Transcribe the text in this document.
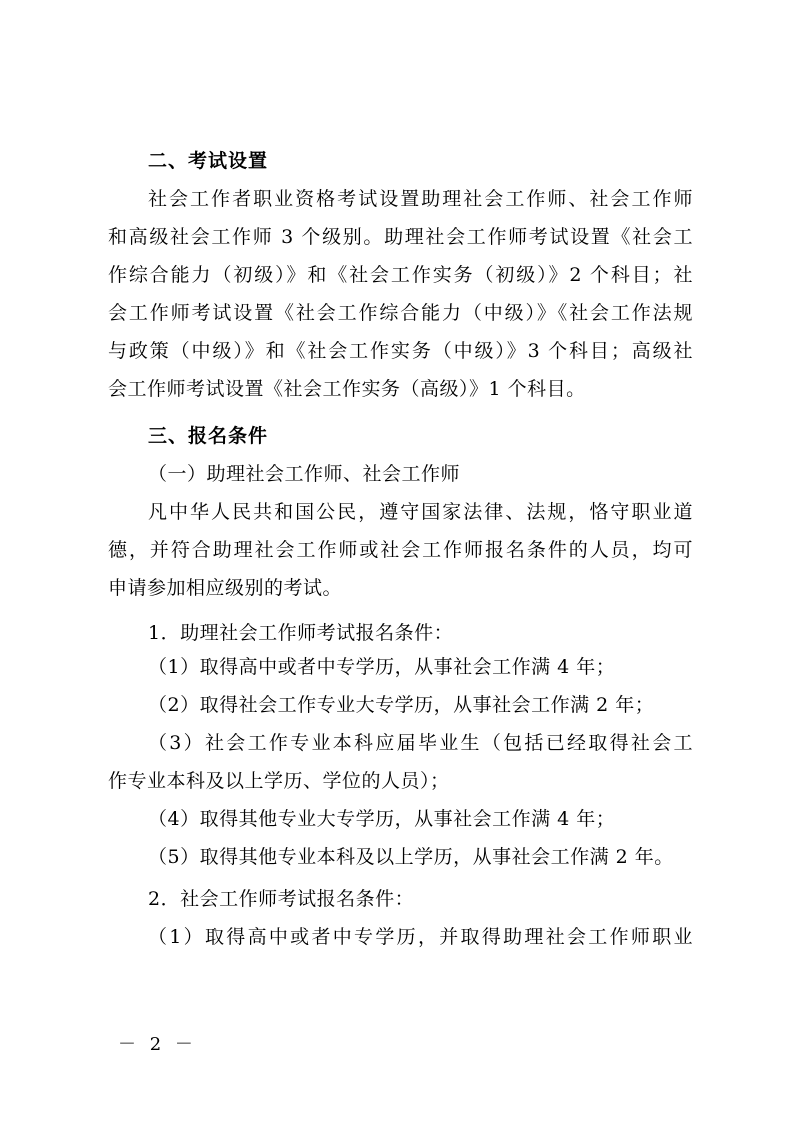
二、考试设置
社会工作者职业资格考试设置助理社会工作师、社会工作师
和高级社会工作师 3 个级别。助理社会工作师考试设置《社会工
作综合能力（初级）》和《社会工作实务（初级）》2 个科目；社
会工作师考试设置《社会工作综合能力（中级）》《社会工作法规
与政策（中级）》和《社会工作实务（中级）》3 个科目；高级社
会工作师考试设置《社会工作实务（高级）》1 个科目。
三、报名条件
（一）助理社会工作师、社会工作师
凡中华人民共和国公民，遵守国家法律、法规，恪守职业道
德，并符合助理社会工作师或社会工作师报名条件的人员，均可
申请参加相应级别的考试。
1．助理社会工作师考试报名条件：
（1）取得高中或者中专学历，从事社会工作满 4 年；
（2）取得社会工作专业大专学历，从事社会工作满 2 年；
（3）社会工作专业本科应届毕业生（包括已经取得社会工
作专业本科及以上学历、学位的人员）；
（4）取得其他专业大专学历，从事社会工作满 4 年；
（5）取得其他专业本科及以上学历，从事社会工作满 2 年。
2．社会工作师考试报名条件：
（1）取得高中或者中专学历，并取得助理社会工作师职业
－ 2 －
